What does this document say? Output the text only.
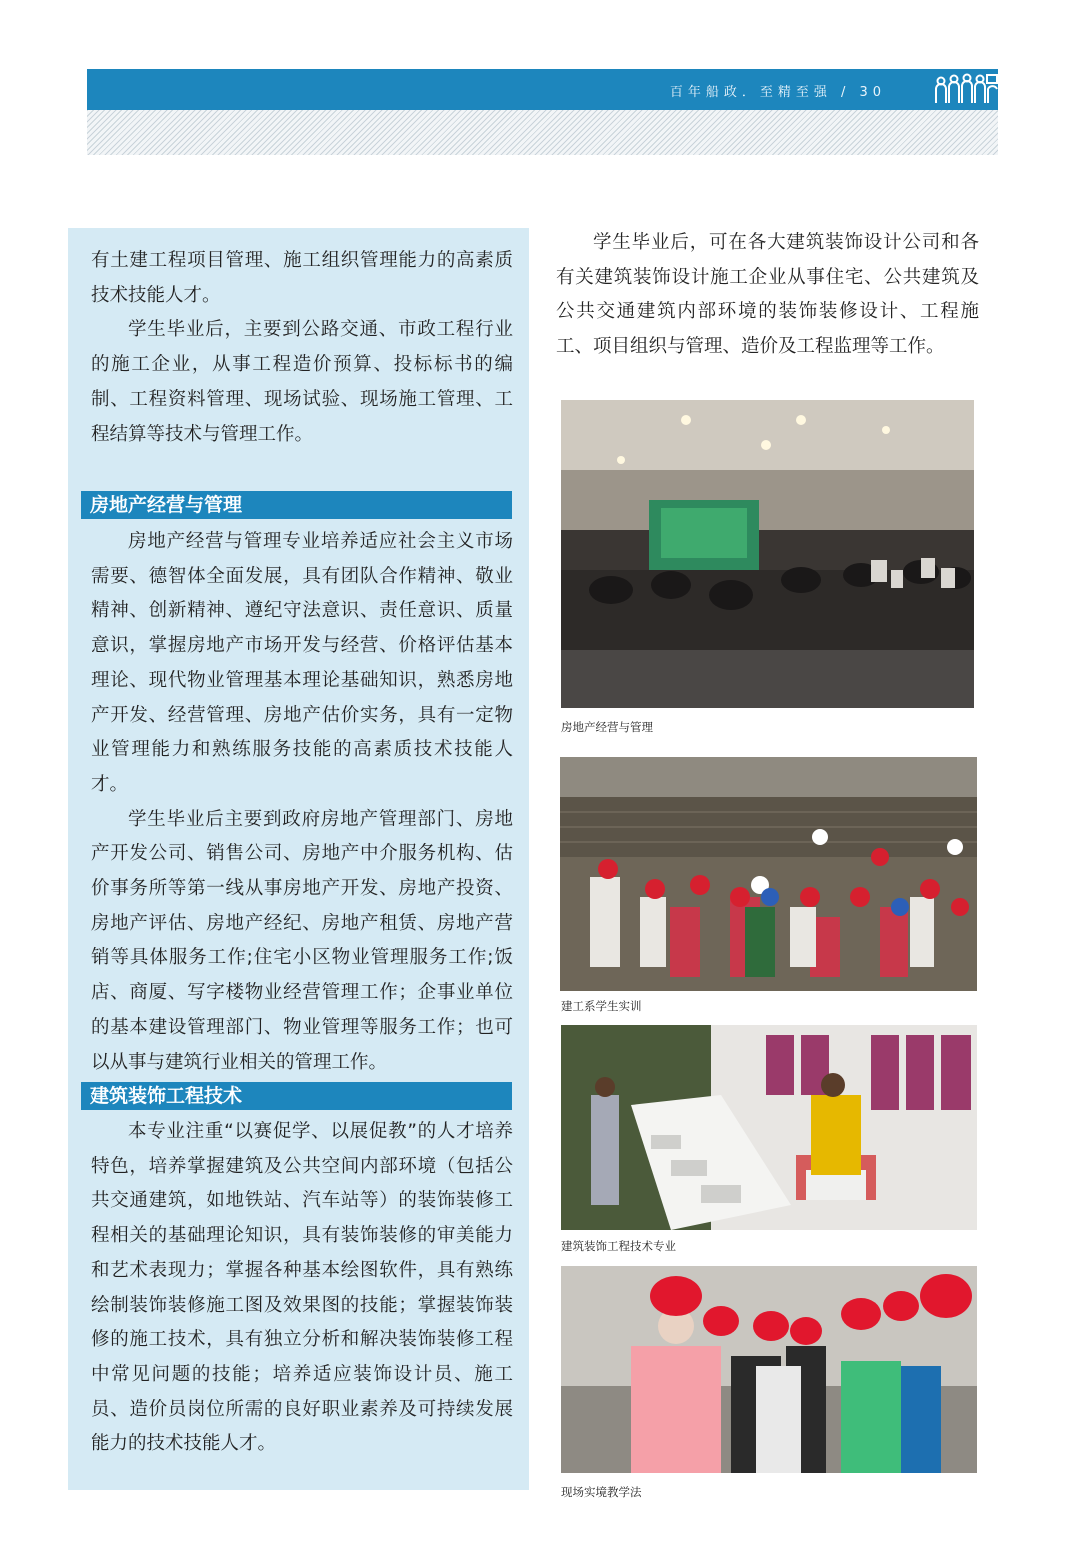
百年船政．至精至强 / 30

有土建工程项目管理、施工组织管理能力的高素质技术技能人才。

学生毕业后，主要到公路交通、市政工程行业的施工企业，从事工程造价预算、投标标书的编制、工程资料管理、现场试验、现场施工管理、工程结算等技术与管理工作。

房地产经营与管理

房地产经营与管理专业培养适应社会主义市场需要、德智体全面发展，具有团队合作精神、敬业精神、创新精神、遵纪守法意识、责任意识、质量意识，掌握房地产市场开发与经营、价格评估基本理论、现代物业管理基本理论基础知识，熟悉房地产开发、经营管理、房地产估价实务，具有一定物业管理能力和熟练服务技能的高素质技术技能人才。

学生毕业后主要到政府房地产管理部门、房地产开发公司、销售公司、房地产中介服务机构、估价事务所等第一线从事房地产开发、房地产投资、房地产评估、房地产经纪、房地产租赁、房地产营销等具体服务工作;住宅小区物业管理服务工作;饭店、商厦、写字楼物业经营管理工作；企事业单位的基本建设管理部门、物业管理等服务工作；也可以从事与建筑行业相关的管理工作。

建筑装饰工程技术

本专业注重“以赛促学、以展促教”的人才培养特色，培养掌握建筑及公共空间内部环境（包括公共交通建筑，如地铁站、汽车站等）的装饰装修工程相关的基础理论知识，具有装饰装修的审美能力和艺术表现力；掌握各种基本绘图软件，具有熟练绘制装饰装修施工图及效果图的技能；掌握装饰装修的施工技术，具有独立分析和解决装饰装修工程中常见问题的技能；培养适应装饰设计员、施工员、造价员岗位所需的良好职业素养及可持续发展能力的技术技能人才。

学生毕业后，可在各大建筑装饰设计公司和各有关建筑装饰设计施工企业从事住宅、公共建筑及公共交通建筑内部环境的装饰装修设计、工程施工、项目组织与管理、造价及工程监理等工作。

房地产经营与管理
建工系学生实训
建筑装饰工程技术专业
现场实境教学法
